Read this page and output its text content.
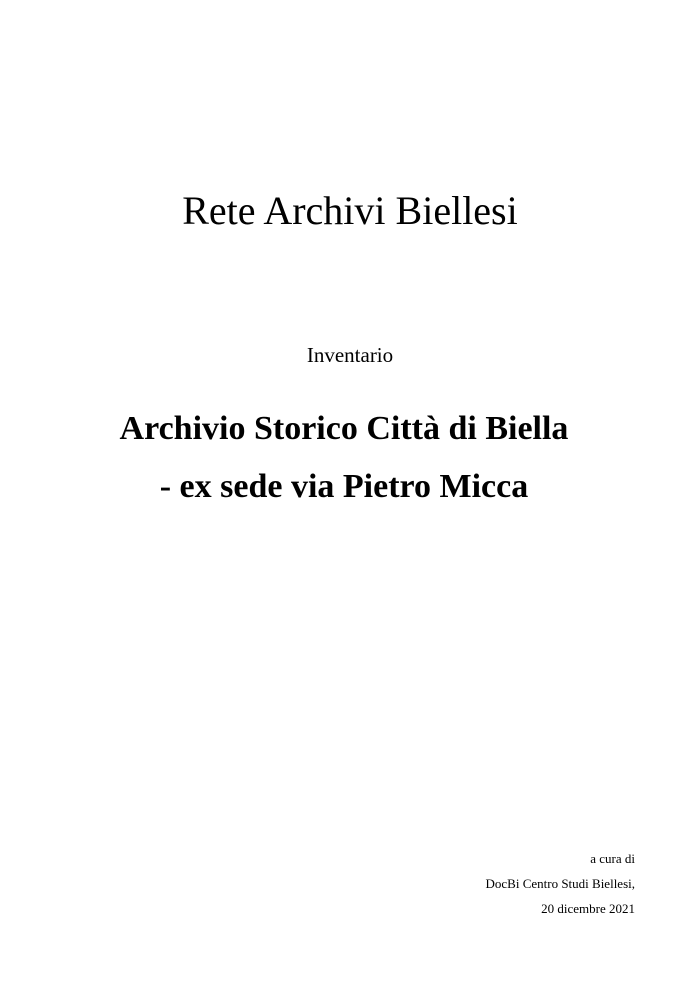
Rete Archivi Biellesi

Inventario

Archivio Storico Città di Biella
- ex sede via Pietro Micca

a cura di
DocBi Centro Studi Biellesi,
20 dicembre 2021
